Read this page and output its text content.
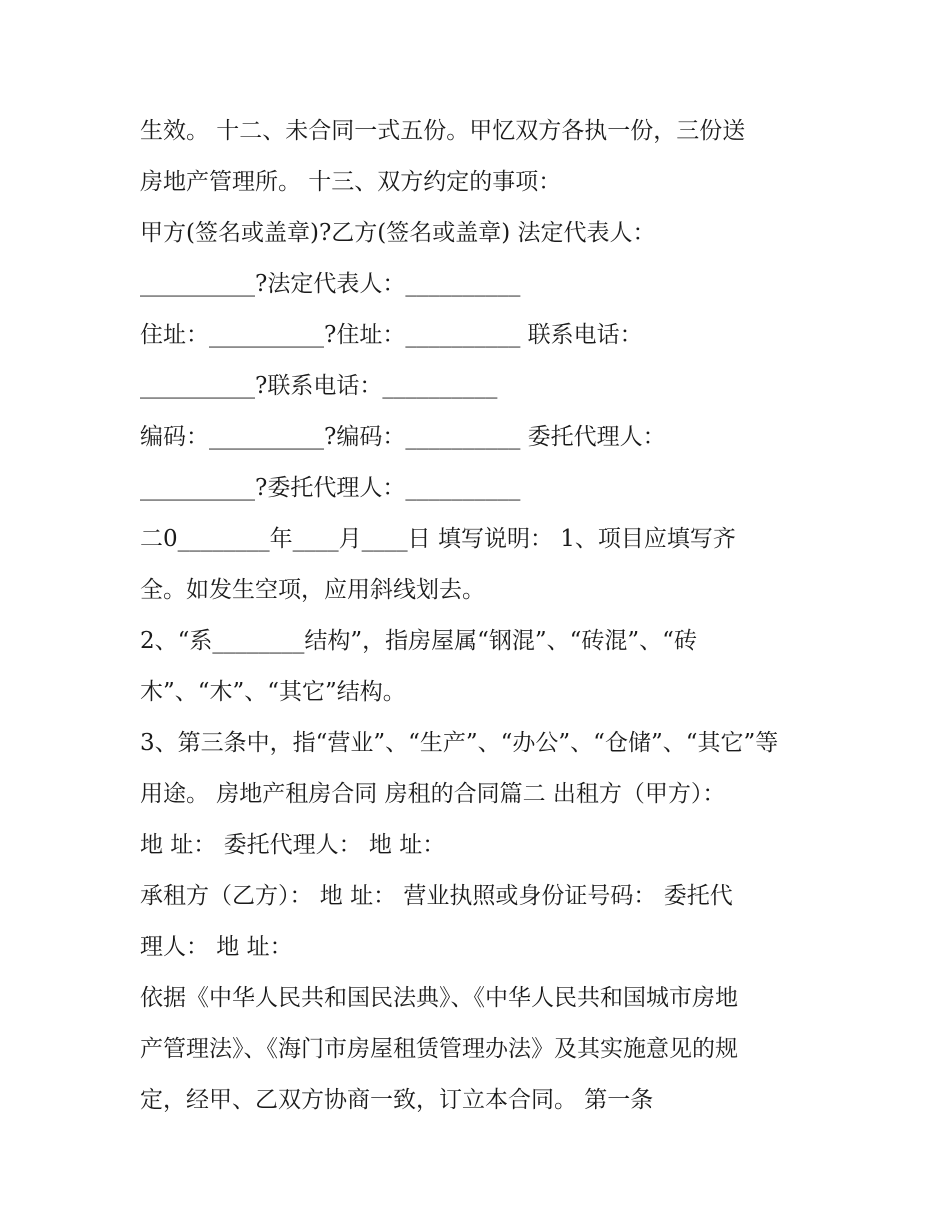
生效。 十二、未合同一式五份。甲忆双方各执一份，三份送
房地产管理所。 十三、双方约定的事项：
甲方(签名或盖章)?乙方(签名或盖章) 法定代表人：
__________?法定代表人：__________
住址：__________?住址：__________ 联系电话：
__________?联系电话：__________
编码：__________?编码：__________ 委托代理人：
__________?委托代理人：__________
二0________年____月____日 填写说明： 1、项目应填写齐
全。如发生空项，应用斜线划去。
2、“系________结构”，指房屋属“钢混”、“砖混”、“砖
木”、“木”、“其它”结构。
3、第三条中，指“营业”、“生产”、“办公”、“仓储”、“其它”等
用途。 房地产租房合同 房租的合同篇二 出租方（甲方）：
地 址： 委托代理人： 地 址：
承租方（乙方）： 地 址： 营业执照或身份证号码： 委托代
理人： 地 址：
依据《中华人民共和国民法典》、《中华人民共和国城市房地
产管理法》、《海门市房屋租赁管理办法》及其实施意见的规
定，经甲、乙双方协商一致，订立本合同。 第一条
